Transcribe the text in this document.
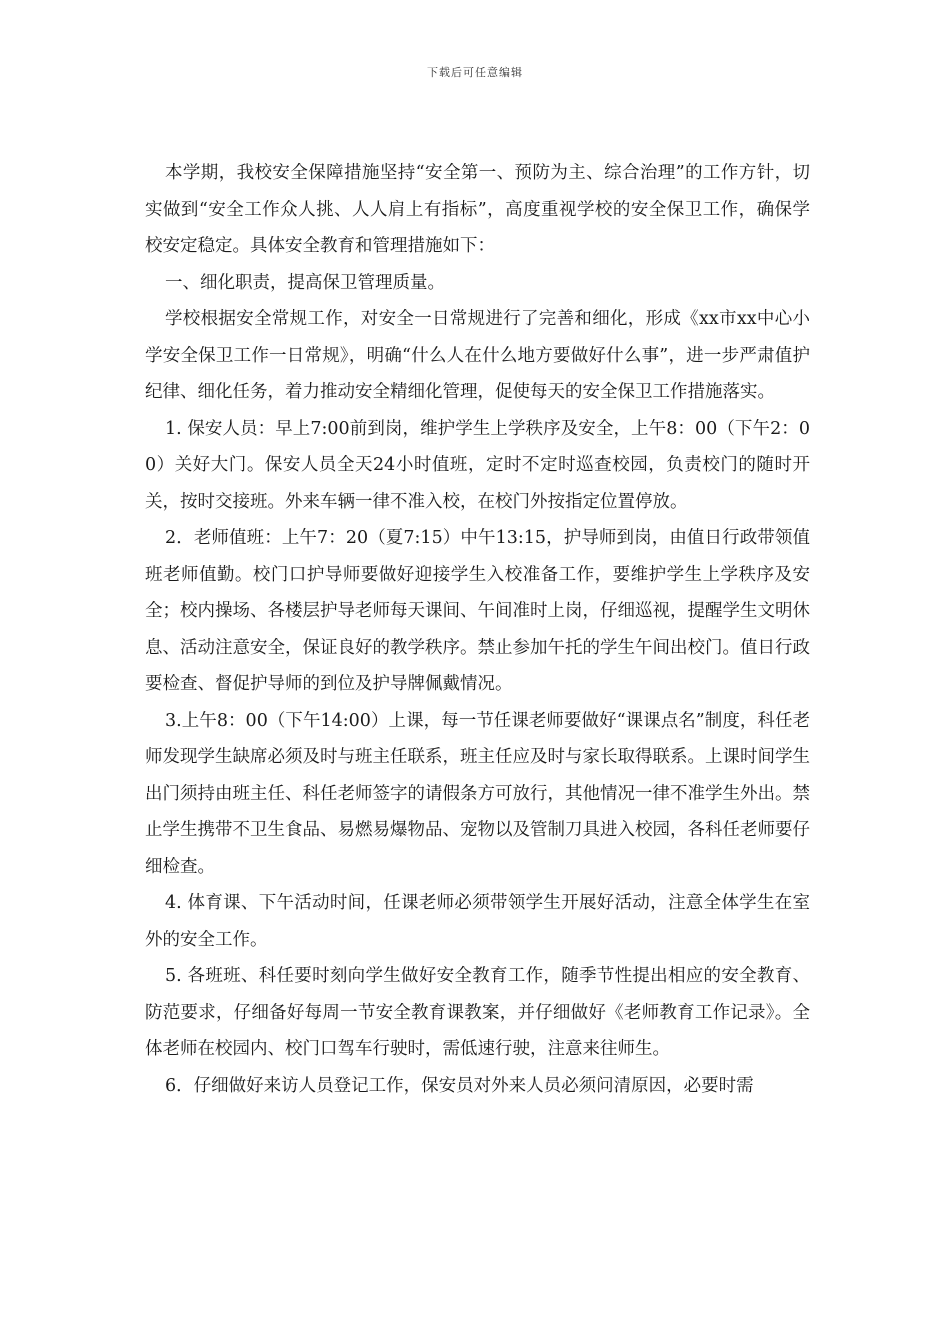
下载后可任意编辑

本学期，我校安全保障措施坚持“安全第一、预防为主、综合治理”的工作方针，切实做到“安全工作众人挑、人人肩上有指标”，高度重视学校的安全保卫工作，确保学校安定稳定。具体安全教育和管理措施如下：

一、细化职责，提高保卫管理质量。

学校根据安全常规工作，对安全一日常规进行了完善和细化，形成《xx市xx中心小学安全保卫工作一日常规》，明确“什么人在什么地方要做好什么事”，进一步严肃值护纪律、细化任务，着力推动安全精细化管理，促使每天的安全保卫工作措施落实。

1. 保安人员：早上7:00前到岗，维护学生上学秩序及安全，上午8：00（下午2：00）关好大门。保安人员全天24小时值班，定时不定时巡查校园，负责校门的随时开关，按时交接班。外来车辆一律不准入校，在校门外按指定位置停放。

2．老师值班：上午7：20（夏7:15）中午13:15，护导师到岗，由值日行政带领值班老师值勤。校门口护导师要做好迎接学生入校准备工作，要维护学生上学秩序及安全；校内操场、各楼层护导老师每天课间、午间准时上岗，仔细巡视，提醒学生文明休息、活动注意安全，保证良好的教学秩序。禁止参加午托的学生午间出校门。值日行政要检查、督促护导师的到位及护导牌佩戴情况。

3.上午8：00（下午14:00）上课，每一节任课老师要做好“课课点名”制度，科任老师发现学生缺席必须及时与班主任联系，班主任应及时与家长取得联系。上课时间学生出门须持由班主任、科任老师签字的请假条方可放行，其他情况一律不准学生外出。禁止学生携带不卫生食品、易燃易爆物品、宠物以及管制刀具进入校园，各科任老师要仔细检查。

4. 体育课、下午活动时间，任课老师必须带领学生开展好活动，注意全体学生在室外的安全工作。

5. 各班班、科任要时刻向学生做好安全教育工作，随季节性提出相应的安全教育、防范要求，仔细备好每周一节安全教育课教案，并仔细做好《老师教育工作记录》。全体老师在校园内、校门口驾车行驶时，需低速行驶，注意来往师生。

6．仔细做好来访人员登记工作，保安员对外来人员必须问清原因，必要时需
